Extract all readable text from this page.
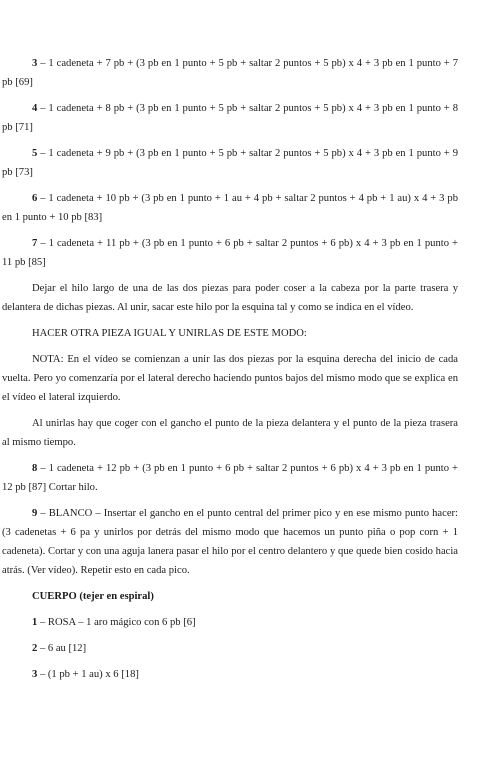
3 – 1 cadeneta + 7 pb + (3 pb en 1 punto + 5 pb + saltar 2 puntos + 5 pb) x 4 + 3 pb en 1 punto + 7 pb [69]

4 – 1 cadeneta + 8 pb + (3 pb en 1 punto + 5 pb + saltar 2 puntos + 5 pb) x 4 + 3 pb en 1 punto + 8 pb [71]

5 – 1 cadeneta + 9 pb + (3 pb en 1 punto + 5 pb + saltar 2 puntos + 5 pb) x 4 + 3 pb en 1 punto + 9 pb [73]

6 – 1 cadeneta + 10 pb + (3 pb en 1 punto + 1 au + 4 pb + saltar 2 puntos + 4 pb + 1 au) x 4 + 3 pb en 1 punto + 10 pb [83]

7 – 1 cadeneta + 11 pb + (3 pb en 1 punto + 6 pb + saltar 2 puntos + 6 pb) x 4 + 3 pb en 1 punto + 11 pb [85]

Dejar el hilo largo de una de las dos piezas para poder coser a la cabeza por la parte trasera y delantera de dichas piezas. Al unir, sacar este hilo por la esquina tal y como se indica en el vídeo.

HACER OTRA PIEZA IGUAL Y UNIRLAS DE ESTE MODO:

NOTA: En el vídeo se comienzan a unir las dos piezas por la esquina derecha del inicio de cada vuelta. Pero yo comenzaría por el lateral derecho haciendo puntos bajos del mismo modo que se explica en el vídeo el lateral izquierdo.

Al unirlas hay que coger con el gancho el punto de la pieza delantera y el punto de la pieza trasera al mismo tiempo.

8 – 1 cadeneta + 12 pb + (3 pb en 1 punto + 6 pb + saltar 2 puntos + 6 pb) x 4 + 3 pb en 1 punto + 12 pb [87] Cortar hilo.

9 – BLANCO – Insertar el gancho en el punto central del primer pico y en ese mismo punto hacer: (3 cadenetas + 6 pa y unirlos por detrás del mismo modo que hacemos un punto piña o pop corn + 1 cadeneta). Cortar y con una aguja lanera pasar el hilo por el centro delantero y que quede bien cosido hacia atrás. (Ver vídeo). Repetir esto en cada pico.

CUERPO (tejer en espiral)

1 – ROSA – 1 aro mágico con 6 pb [6]

2 – 6 au [12]

3 – (1 pb + 1 au) x 6 [18]
